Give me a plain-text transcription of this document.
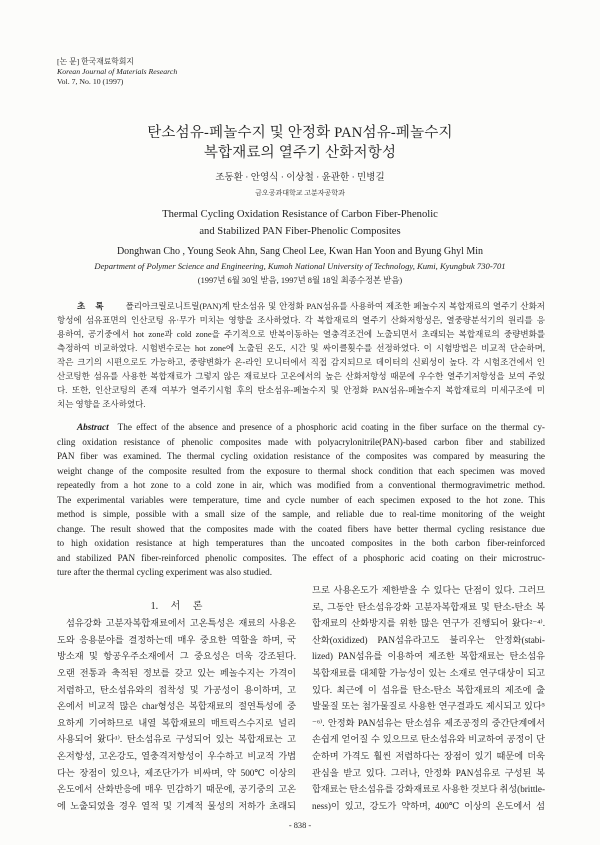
[논 문] 한국재료학회지
Korean Journal of Materials Research
Vol. 7, No. 10 (1997)
탄소섬유-페놀수지 및 안정화 PAN섬유-페놀수지
복합재료의 열주기 산화저항성
조동환 · 안영식 · 이상철 · 윤관한 · 민병길
금오공과대학교 고분자공학과
Thermal Cycling Oxidation Resistance of Carbon Fiber-Phenolic
and Stabilized PAN Fiber-Phenolic Composites
Donghwan Cho , Young Seok Ahn, Sang Cheol Lee, Kwan Han Yoon and Byung Ghyl Min
Department of Polymer Science and Engineering, Kumoh National University of Technology, Kumi, Kyungbuk 730-701
(1997년 6월 30일 받음, 1997년 8월 18일 최종수정본 받음)
초 록	폴리아크릴로니트릴(PAN)계 탄소섬유 및 안정화 PAN섬유를 사용하여 제조한 페놀수지 복합재료의 열주기 산화저
항성에 섬유표면의 인산코팅 유·무가 미치는 영향을 조사하였다. 각 복합재료의 열주기 산화저항성은, 열중량분석기의 원리를 응
용하여, 공기중에서 hot zone과 cold zone을 주기적으로 반복이동하는 열충격조건에 노출되면서 초래되는 복합재료의 중량변화를
측정하여 비교하였다. 시험변수로는 hot zone에 노출된 온도, 시간 및 싸이클횟수를 선정하였다. 이 시험방법은 비교적 단순하며,
작은 크기의 시편으로도 가능하고, 중량변화가 온-라인 모니터에서 직접 감지되므로 데이터의 신뢰성이 높다. 각 시험조건에서 인
산코팅한 섬유를 사용한 복합재료가 그렇지 않은 재료보다 고온에서의 높은 산화저항성 때문에 우수한 열주기저항성을 보여 주었
다. 또한, 인산코팅의 존재 여부가 열주기시험 후의 탄소섬유-페놀수지 및 안정화 PAN섬유-페놀수지 복합재료의 미세구조에 미
치는 영향을 조사하였다.
Abstract The effect of the absence and presence of a phosphoric acid coating in the fiber surface on the thermal cy-
cling oxidation resistance of phenolic composites made with polyacrylonitrile(PAN)-based carbon fiber and stabilized
PAN fiber was examined. The thermal cycling oxidation resistance of the composites was compared by measuring the
weight change of the composite resulted from the exposure to thermal shock condition that each specimen was moved
repeatedly from a hot zone to a cold zone in air, which was modified from a conventional thermogravimetric method.
The experimental variables were temperature, time and cycle number of each specimen exposed to the hot zone. This
method is simple, possible with a small size of the sample, and reliable due to real-time monitoring of the weight
change. The result showed that the composites made with the coated fibers have better thermal cycling resistance due
to high oxidation resistance at high temperatures than the uncoated composites in the both carbon fiber-reinforced
and stabilized PAN fiber-reinforced phenolic composites. The effect of a phosphoric acid coating on their microstruc-
ture after the thermal cycling experiment was also studied.
1. 서 론
섬유강화 고분자복합재료에서 고온특성은 재료의 사용온
도와 응용분야를 결정하는데 매우 중요한 역할을 하며, 국
방소재 및 항공우주소재에서 그 중요성은 더욱 강조된다.
오랜 전통과 축적된 정보를 갖고 있는 페놀수지는 가격이
저렴하고, 탄소섬유와의 접착성 및 가공성이 용이하며, 고
온에서 비교적 많은 char형성은 복합재료의 절연특성에 중
요하게 기여하므로 내열 복합재료의 매트릭스수지로 널리
사용되어 왔다¹⁾. 탄소섬유로 구성되어 있는 복합재료는 고
온저항성, 고온강도, 열충격저항성이 우수하고 비교적 가볍
다는 장점이 있으나, 제조단가가 비싸며, 약 500℃ 이상의
온도에서 산화반응에 매우 민감하기 때문에, 공기중의 고온
에 노출되었을 경우 열적 및 기계적 물성의 저하가 초래되
므로 사용온도가 제한받을 수 있다는 단점이 있다. 그러므
로, 그동안 탄소섬유강화 고분자복합재료 및 탄소-탄소 복
합재료의 산화방지를 위한 많은 연구가 진행되어 왔다²⁻⁴⁾.
산화(oxidized) PAN섬유라고도 불리우는 안정화(stabi-
lized) PAN섬유를 이용하여 제조한 복합재료는 탄소섬유
복합재료를 대체할 가능성이 있는 소재로 연구대상이 되고
있다. 최근에 이 섬유를 탄소-탄소 복합재료의 제조에 출
발물질 또는 첨가물질로 사용한 연구결과도 제시되고 있다⁵
⁻⁶⁾. 안정화 PAN섬유는 탄소섬유 제조공정의 중간단계에서
손쉽게 얻어질 수 있으므로 탄소섬유와 비교하여 공정이 단
순하며 가격도 훨씬 저렴하다는 장점이 있기 때문에 더욱
관심을 받고 있다. 그러나, 안정화 PAN섬유로 구성된 복
합재료는 탄소섬유를 강화재료로 사용한 것보다 취성(brittle-
ness)이 있고, 강도가 약하며, 400℃ 이상의 온도에서 섬
- 838 -
